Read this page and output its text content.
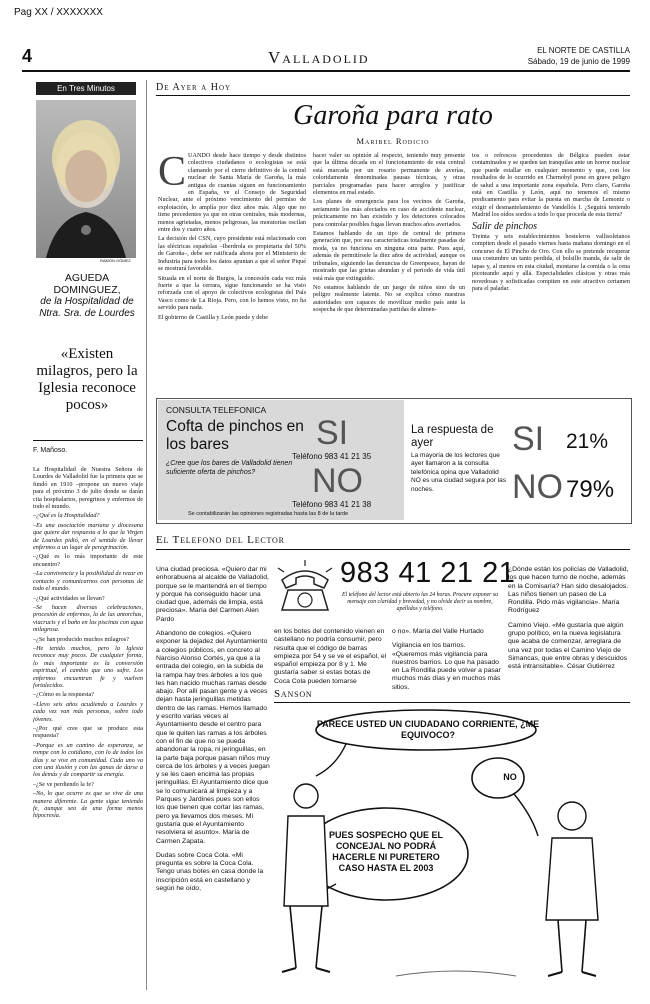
Pag XX / XXXXXXX
4	Valladolid	EL NORTE DE CASTILLA
Sábado, 19 de junio de 1999
En Tres Minutos
RAMÓN GÓMEZ
AGUEDA DOMINGUEZ,
de la Hospitalidad de Ntra. Sra. de Lourdes
«Existen milagros, pero la Iglesia reconoce pocos»
F. Mañoso.

La Hospitalidad de Nuestra Señora de Lourdes de Valladolid fue la primera que se fundó en 1910 –propone un nuevo viaje para el próximo 3 de julio donde se darán cita hospitalarios, peregrinos y enfermos de todo el mundo.

–¿Qué es la Hospitalidad?

–Es una asociación mariana y diocesana que quiere dar respuesta a lo que la Virgen de Lourdes pidió, en el sentido de llevar enfermos a un lugar de peregrinación.

–¿Qué es lo más importante de este encuentro?

–La convivencia y la posibilidad de rezar en contacto y comunicarnos con personas de todo el mundo.

–¿Qué actividades se llevan?

–Se hacen diversas celebraciones, procesión de enfermos, la de las antorchas, viacrucis y el baño en las piscinas con agua milagrosa.

–¿Se han producido muchos milagros?

–He tenido muchos, pero la Iglesia reconoce muy pocos. De cualquier forma, lo más importante es la conversión espiritual, el cambio que uno sufre. Los enfermos encuentran fe y vuelven fortalecidos.

–¿Cómo es la respuesta?

–Llevo seis años acudiendo a Lourdes y cada vez van más personas, sobre todo jóvenes.

–¿Por qué cree que se produce esta respuesta?

–Porque es un camino de esperanza, se rompe con lo cotidiano, con lo de todos los días y se vive en comunidad. Cada uno va con una ilusión y con las ganas de darse a los demás y de compartir su energía.

–¿Se ve perdiendo la fe?

–No, lo que ocurre es que se vive de una manera diferente. La gente sigue teniendo fe, aunque sea de una forma menos hipocresía.

De Ayer a Hoy
Garoña para rato
Maribel Rodicio

CUANDO desde hace tiempo y desde distintos colectivos ciudadanos o ecologistas se está clamando por el cierre definitivo de la central nuclear de Santa María de Garoña, la más antigua de cuantas siguen en funcionamiento en España, ve el Consejo de Seguridad Nuclear, ante el próximo vencimiento del permiso de explotación, lo amplía por diez años más. Algo que no tiene precedentes ya que en otras centrales, más modernas, menos agrietadas, menos peligrosas, las moratorias oscilan entre dos y cuatro años.

La decisión del CSN, cuyo presidente está relacionado con las eléctricas españolas –Iberdrola es propietaria del 50% de Garoña–, debe ser ratificada ahora por el Ministerio de Industria para todos los datos apuntan a que el señor Piqué se mostrará favorable.

Situada en el norte de Burgos, la concesión cada vez más fuerte a que la cerrara, sigue funcionando se ha visto reforzada con el apoyo de colectivos ecologistas del País Vasco como de La Rioja. Pero, con lo hemos visto, no ha servido para nada.

El gobierno de Castilla y León puede y debe

hacer valer su opinión al respecto, teniendo muy presente que la última década en el funcionamiento de esta central está marcada por un rosario permanente de averías, coloridamente denominadas pausas técnicas, y otras parciales programadas para hacer arreglos y justificar elementos en mal estado.

Los planes de emergencia para los vecinos de Garoña, seriamente los más afectados en caso de accidente nuclear, prácticamente no han existido y los detectores colocados para controlar posibles fugas llevan muchos años averiados.

Estamos hablando de un tipo de central de primera generación que, por sus características totalmente pasadas de moda, ya no funciona en ninguna otra parte. Pues aquí, además de permitírsele la diez años de actividad, aunque os tribunales, siguiendo las denuncias de Greenpeace, hayan de mostrado que las grietas abundan y el periodo de vida útil está más que extinguido.

No estamos hablando de un juego de niños sino de un peligro realmente latente. No se explica cómo nuestras autoridades son capaces de movilizar medio país ante la sospecha de que determinadas partidas de alimen-

tos o refrescos procedentes de Bélgica pueden estar contaminados y se queden tan tranquilas ante un horror nuclear que puede estallar en cualquier momento y que, con los resultados de lo ocurrido en Chernobyl pone en grave peligro de salud a una importante zona española. Pero claro, Garoña está en Castilla y León, aquí no tenemos el mismo predicamento para evitar la puesta en marcha de Lemoniz o exigir el desmantelamiento de Vandellós I. ¿Seguirá teniendo Madrid los oídos sordos a todo lo que proceda de esta tierra?

Salir de pinchos

Treinta y seis establecimientos hosteleros vallisoletanos compiten desde el pasado viernes hasta mañana domingo en el concurso de El Pincho de Oro. Con ello se pretende recuperar una costumbre un tanto perdida, el bolsillo manda, de salir de tapas y, al menos en esta ciudad, montarse la comida o la cena picoteando aquí y allá. Especialidades clásicas y otras más novedosas y sofisticadas compiten en este atractivo certamen para el paladar.

CONSULTA TELEFONICA
Cofta de pinchos en los bares
¿Cree que los bares de Valladolid tienen suficiente oferta de pinchos?
SI
Teléfono 983 41 21 35
NO
Teléfono 983 41 21 38
Se contabilizarán las opiniones registradas hasta las 8 de la tarde
La respuesta de ayer
La mayoría de los lectores que ayer llamaron a la consulta telefónica opina que Valladolid NO es una ciudad segura por las noches.
SI 21%
NO 79%
El Telefono del Lector
983 41 21 21
El teléfono del lector está abierto las 24 horas. Procure exponer su mensaje con claridad y brevedad, y no olvide decir su nombre, apellidos y teléfono.

Una ciudad preciosa. «Quiero dar mi enhorabuena al alcalde de Valladolid, porque se le mantendrá en el tiempo y porque ha conseguido hacer una ciudad que, además de limpia, está preciosa». María del Carmen Alen Pardo

Abandono de colegios. «Quiero exponer la dejadez del Ayuntamiento a colegios públicos, en concreto al Narciso Alonso Cortés, ya que a la entrada del colegio, en la subida de la rampa hay tres árboles a los que les han nacido muchas ramas desde abajo. Por allí pasan gente y a veces dejan hasta jeringuillas metidas dentro de las ramas. Hemos llamado y escrito varias veces al Ayuntamiento desde el centro para que le quiten las ramas a los árboles con el fin de que no se pueda abandonar la ropa, ni jeringuillas, en la parte baja porque pasan niños muy cerca de los árboles y a veces juegan y se les caen encima las propias jeringuillas. El Ayuntamiento dice que se lo comunicará al limpieza y a Parques y Jardines pues son ellos los que tienen que cortar las ramas, pero ya llevamos dos meses. Mi gustaría que el Ayuntamiento resolviera el asunto». María de Carmen Zapata.

Dudas sobre Coca Cola. «Mi pregunta es sobre la Coca Cola. Tengo unas botes en casa donde la inscripción está en castellano y según he oído,

en los botes del contenido vienen en castellano no podría consumir, pero resulta que el código de barras empieza por 54 y se ve el español, el español empieza por 8 y 1. Me gustaría saber si estas botas de Coca Cola pueden tomarse

o no». María del Valle Hurtado

Vigilancia en los barrios. «Queremos más vigilancia para nuestros barrios. Lo que ha pasado en La Rondilla puede volver a pasar muchos más días y en muchos más sitios.

¿Dónde están los policías de Valladolid, los que hacen turno de noche, además en la Comisaría? Han sido desalojados. Las niños tienen un paseo de La Rondilla. Pido más vigilancia». María Rodríguez

Camino Viejo. «Me gustaría que algún grupo político, en la nueva legislatura que acaba de comenzar, arreglara de una vez por todas el Camino Viejo de Simancas, que entre obras y descuidos está intransitable». César Gutiérrez

Sanson
PARECE USTED UN CIUDADANO CORRIENTE, ¿ME EQUIVOCO?
NO
PUES SOSPECHO QUE EL CONCEJAL NO PODRÁ HACERLE NI PURETERO CASO HASTA EL 2003
